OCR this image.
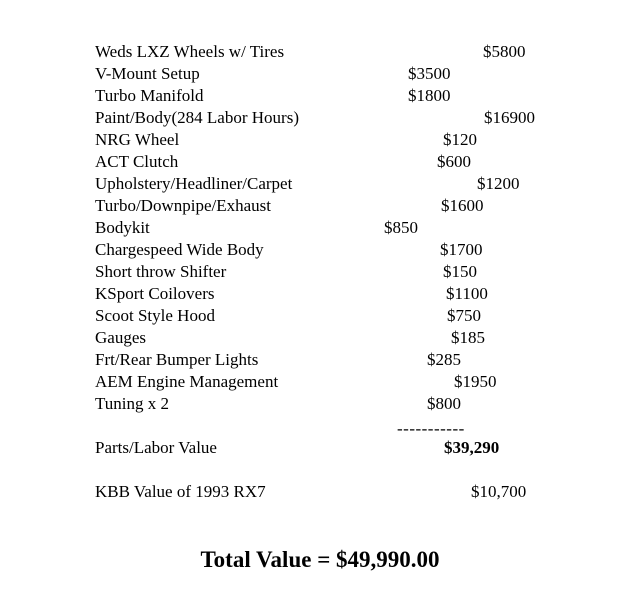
Weds LXZ Wheels w/ Tires
V-Mount Setup
Turbo Manifold
Paint/Body(284 Labor Hours)
NRG Wheel
ACT Clutch
Upholstery/Headliner/Carpet
Turbo/Downpipe/Exhaust
Bodykit
Chargespeed Wide Body
Short throw Shifter
KSport Coilovers
Scoot Style Hood
Gauges
Frt/Rear Bumper Lights
AEM Engine Management
Tuning x 2
$5800
$3500
$1800
$16900
$120
$600
$1200
$1600
$850
$1700
$150
$1100
$750
$185
$285
$1950
$800
-----------
Parts/Labor Value	$39,290
KBB Value of 1993 RX7	$10,700
Total Value = $49,990.00
